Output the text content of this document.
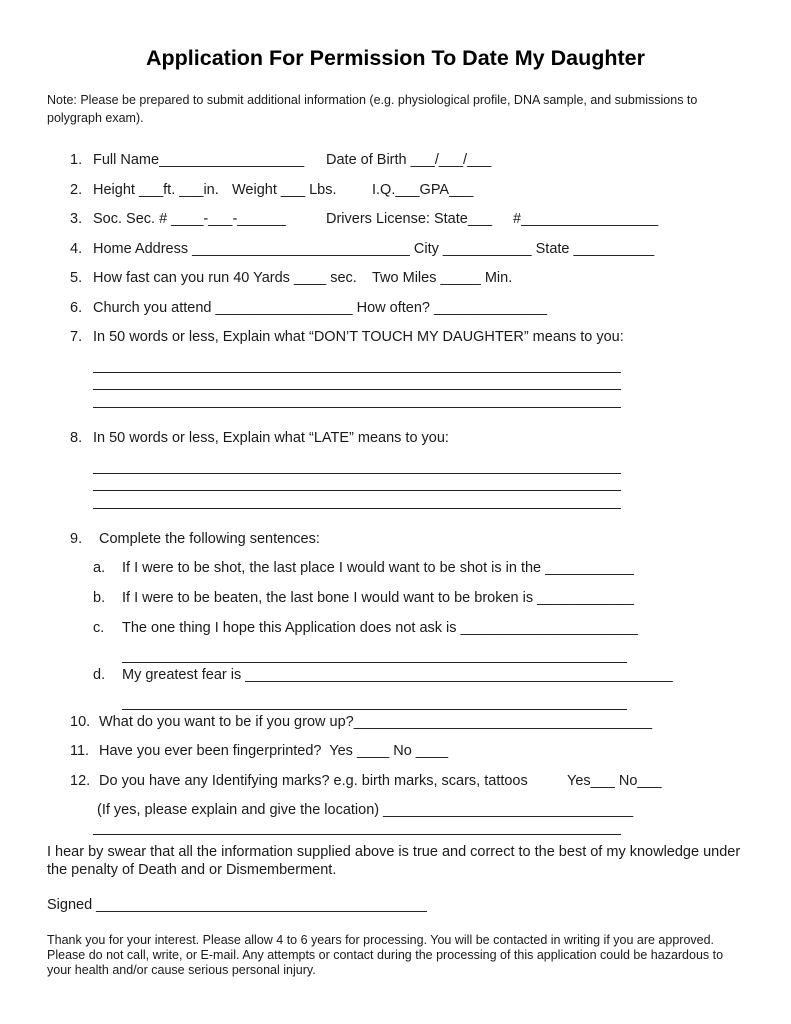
Application For Permission To Date My Daughter
Note: Please be prepared to submit additional information (e.g. physiological profile, DNA sample, and submissions to
polygraph exam).
1. Full Name__________________ Date of Birth ___/___/___
2. Height ___ft. ___in. Weight ___ Lbs. I.Q.___GPA___
3. Soc. Sec. # ____-___-______	Drivers License: State___ #_________________
4. Home Address ___________________________ City ___________ State __________
5. How fast can you run 40 Yards ____ sec. Two Miles _____ Min.
6. Church you attend _________________ How often? ______________
7. In 50 words or less, Explain what “DON’T TOUCH MY DAUGHTER” means to you:
8. In 50 words or less, Explain what “LATE” means to you:
9. Complete the following sentences:
a. If I were to be shot, the last place I would want to be shot is in the ___________
b. If I were to be beaten, the last bone I would want to be broken is ____________
c. The one thing I hope this Application does not ask is ______________________
d. My greatest fear is _____________________________________________________
10. What do you want to be if you grow up?_____________________________________
11. Have you ever been fingerprinted?  Yes ____ No ____
12. Do you have any Identifying marks? e.g. birth marks, scars, tattoos	Yes___ No___
(If yes, please explain and give the location) _______________________________
I hear by swear that all the information supplied above is true and correct to the best of my knowledge under
the penalty of Death and or Dismemberment.
Signed _________________________________________
Thank you for your interest. Please allow 4 to 6 years for processing. You will be contacted in writing if you are approved.
Please do not call, write, or E-mail. Any attempts or contact during the processing of this application could be hazardous to
your health and/or cause serious personal injury.
